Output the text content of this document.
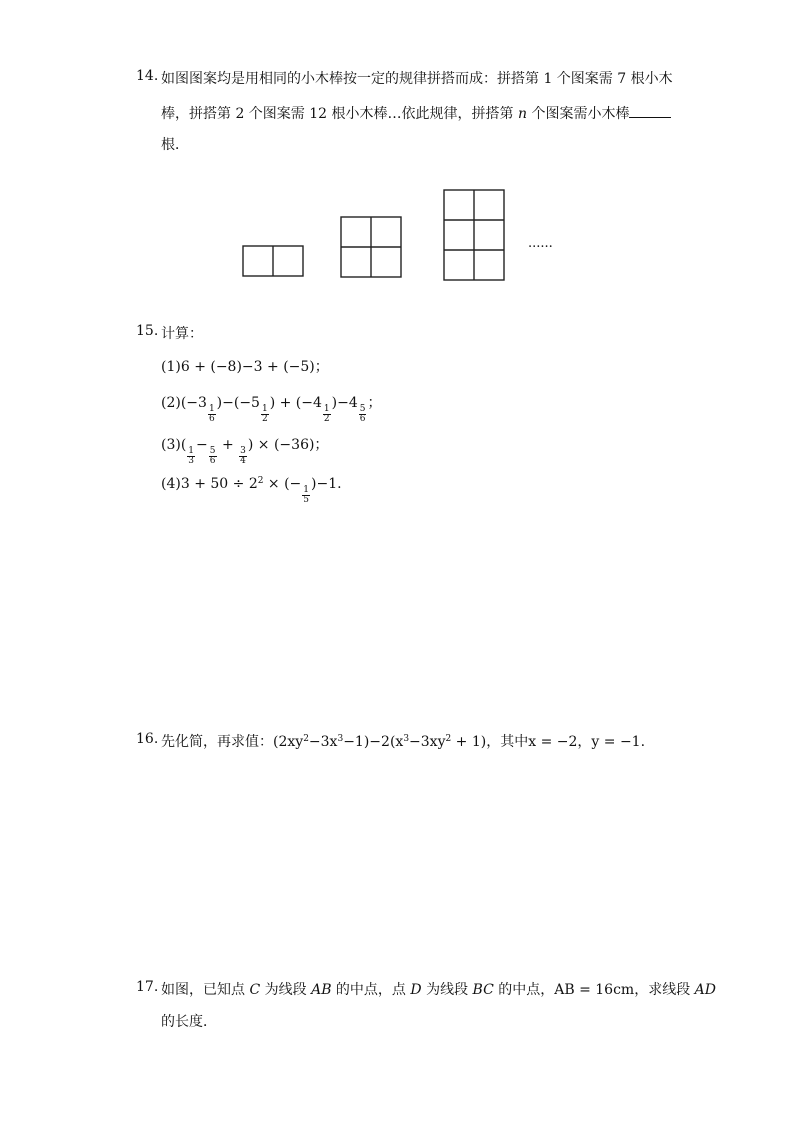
14. 如图图案均是用相同的小木棒按一定的规律拼搭而成：拼搭第 1 个图案需 7 根小木
棒，拼搭第 2 个图案需 12 根小木棒…依此规律，拼搭第 n 个图案需小木棒
根．
......
15. 计算：
(1)6 + (−8)−3 + (−5)；
(2)(−3
$\frac{1}{6}$
)−(−5
$\frac{1}{2}$
) + (−4
$\frac{1}{2}$
)−4
$\frac{5}{6}$
；
(3)(
$\frac{1}{3}$
−
$\frac{5}{6}$
+
$\frac{3}{4}$
) × (−36)；
$(4)3 + 50 \div 2^2$ × (−
$\frac{1}{5}$
)−1.
16. 先化简，再求值：$(2xy^2-3x^3-1)-2(x^3-3xy^2 + 1)$，其中x = −2，y = −1.
17. 如图，已知点 C 为线段 AB 的中点，点 D 为线段 BC 的中点，AB = 16cm，求线段 AD
的长度．
